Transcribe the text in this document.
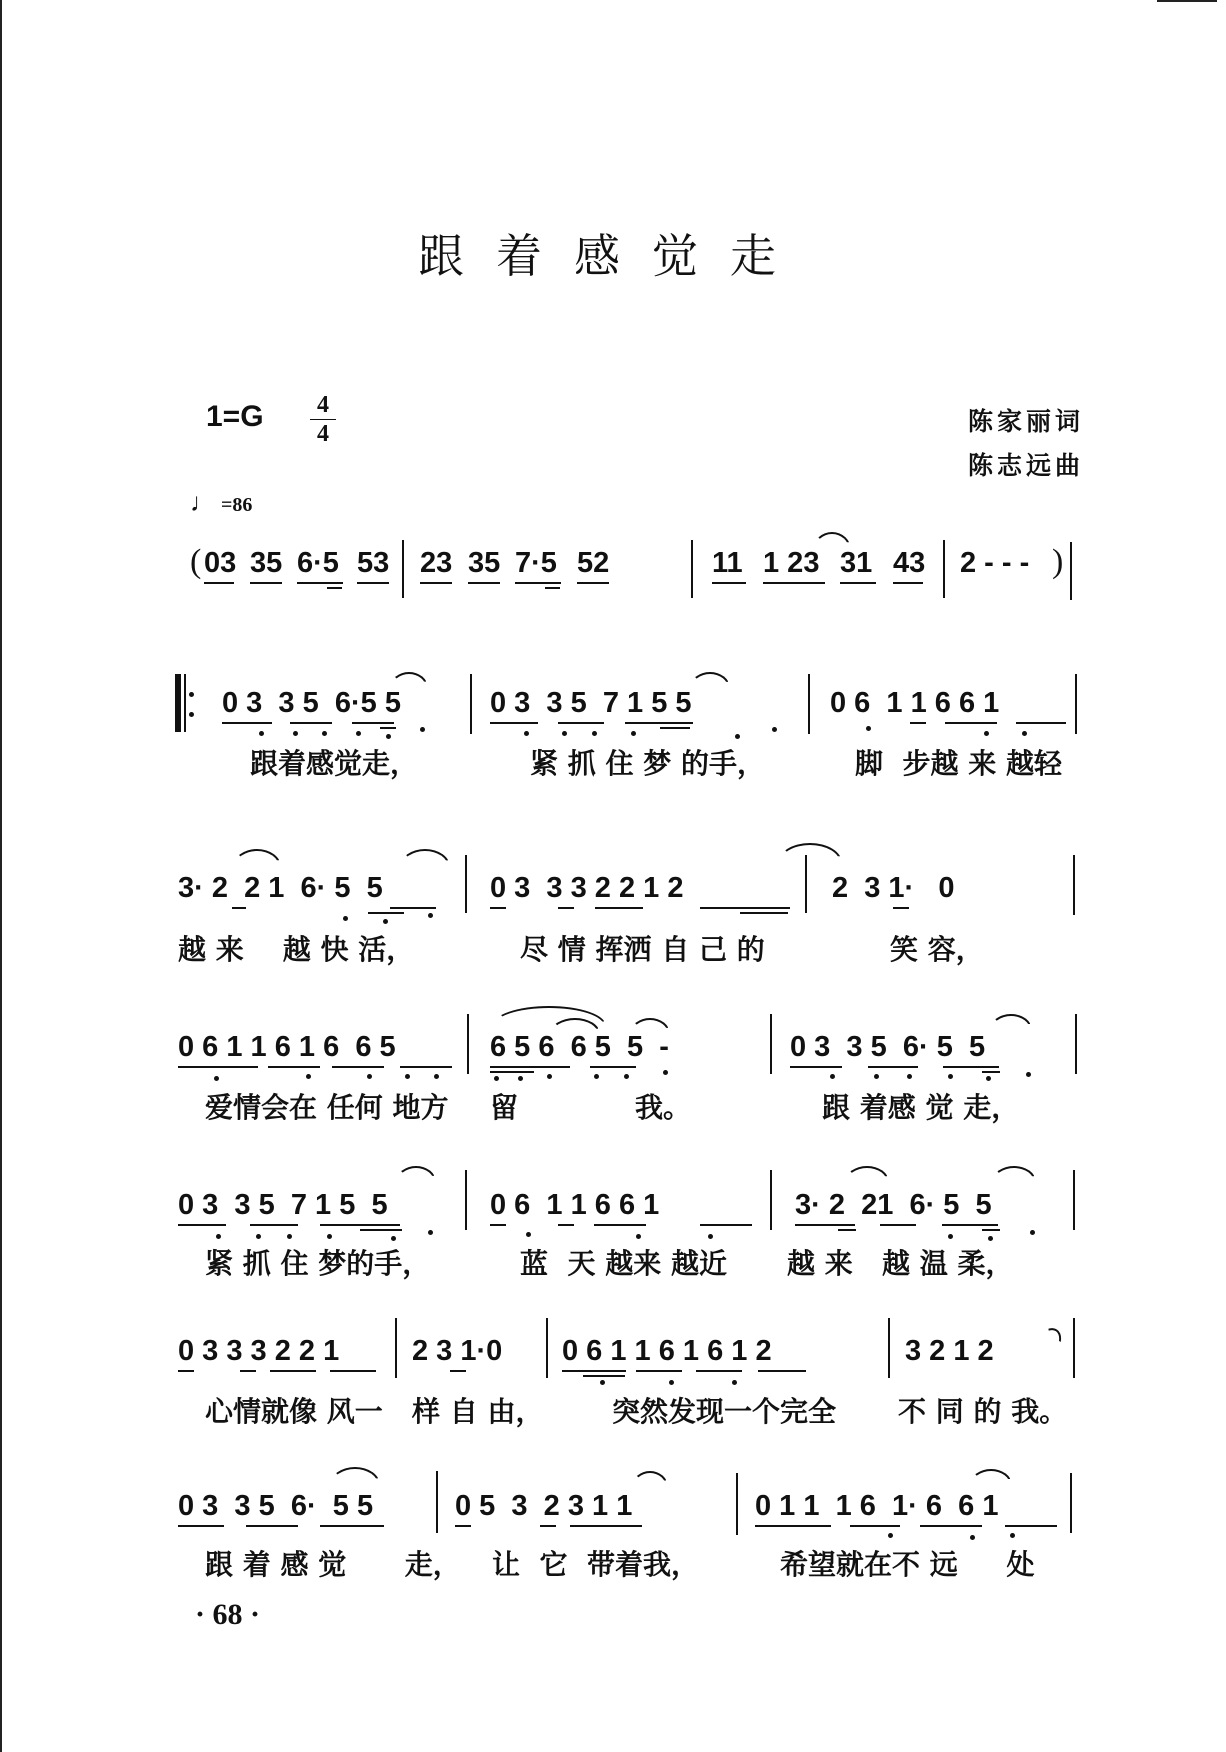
跟着感觉走
1=G 4
4	陈家丽词
陈志远曲
♩ =86
( 03 35 6·5 53 23 35 7·5 52	11 1 23 31 43 2 - - - )
0 3  3 5  6·5 5	0 3  3 5  7 1 5 5	0 6  1 1 6 6 1
跟着感觉走，	紧 抓 住 梦 的手，	脚  步越 来 越轻
3· 2  2 1  6· 5  5	0 3  3 3 2 2 1 2	2  3 1·   0
越 来    越 快 活，	尽 情 挥洒 自 己 的	笑 容，
0 6 1 1 6 1 6  6 5	6 5 6  6 5  5  -	0 3  3 5  6· 5  5
爱情会在 任何 地方 留            我。	跟 着感 觉 走，
0 3  3 5  7 1 5  5	0 6  1 1 6 6 1	3· 2  21  6· 5  5
紧 抓 住 梦的手，	蓝  天 越来 越近 越 来   越 温 柔，
0 3 3 3 2 2 1	2 3 1·0 0 6 1 1 6 1 6 1 2	3 2 1 2
心情就像 风一 样 自 由， 突然发现一个完全 不 同 的 我。
0 3  3 5  6·  5 5	0 5  3  2 3 1 1	0 1 1  1 6  1· 6  6 1
跟 着 感 觉      走， 让  它  带着我，	希望就在不 远     处
· 68 ·
